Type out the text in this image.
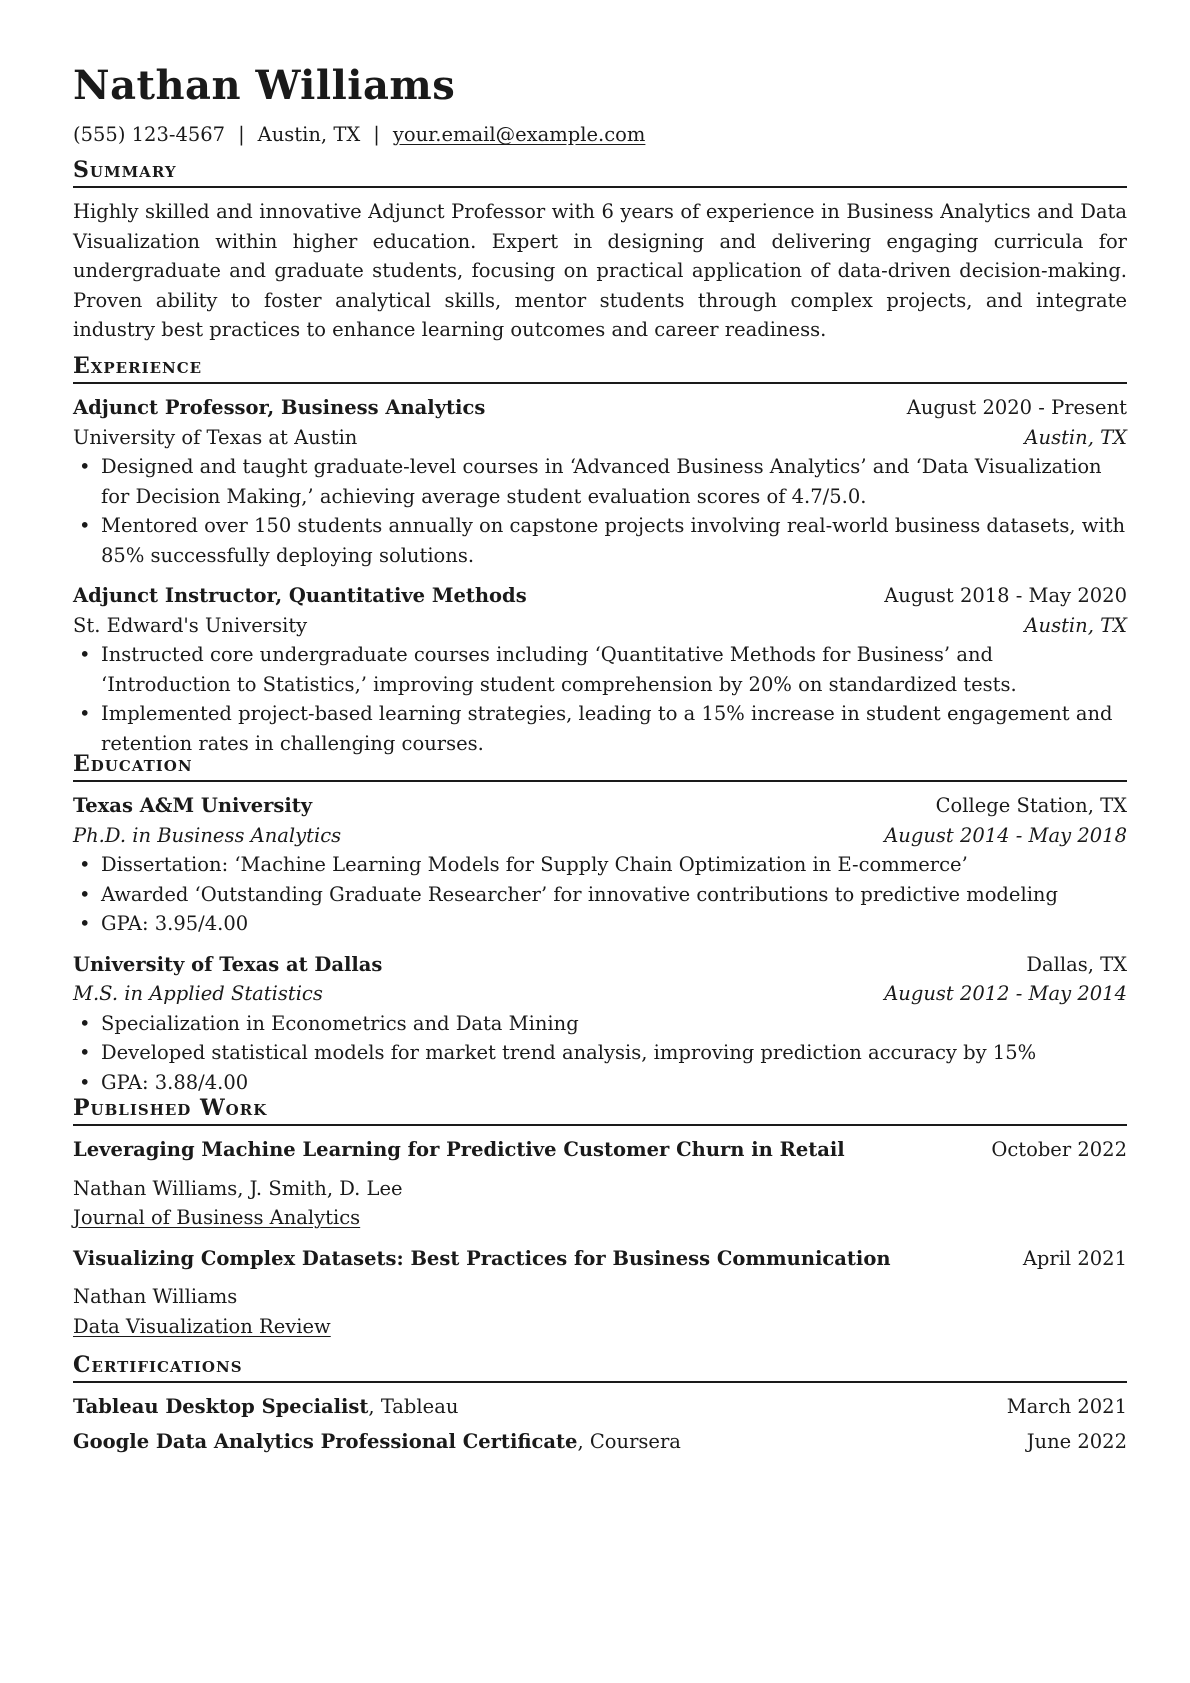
Nathan Williams
(555) 123-4567 | Austin, TX | your.email@example.com
Summary
Highly skilled and innovative Adjunct Professor with 6 years of experience in Business Analytics and Data Visualization within higher education. Expert in designing and delivering engaging curricula for undergraduate and graduate students, focusing on practical application of data-driven decision-making. Proven ability to foster analytical skills, mentor students through complex projects, and integrate industry best practices to enhance learning outcomes and career readiness.
Experience
Adjunct Professor, Business Analytics	August 2020 - Present
University of Texas at Austin	Austin, TX
• Designed and taught graduate-level courses in ‘Advanced Business Analytics’ and ‘Data Visualization for Decision Making,’ achieving average student evaluation scores of 4.7/5.0.
• Mentored over 150 students annually on capstone projects involving real-world business datasets, with 85% successfully deploying solutions.
Adjunct Instructor, Quantitative Methods	August 2018 - May 2020
St. Edward's University	Austin, TX
• Instructed core undergraduate courses including ‘Quantitative Methods for Business’ and ‘Introduction to Statistics,’ improving student comprehension by 20% on standardized tests.
• Implemented project-based learning strategies, leading to a 15% increase in student engagement and retention rates in challenging courses.
Education
Texas A&M University	College Station, TX
Ph.D. in Business Analytics	August 2014 - May 2018
• Dissertation: ‘Machine Learning Models for Supply Chain Optimization in E-commerce’
• Awarded ‘Outstanding Graduate Researcher’ for innovative contributions to predictive modeling
• GPA: 3.95/4.00
University of Texas at Dallas	Dallas, TX
M.S. in Applied Statistics	August 2012 - May 2014
• Specialization in Econometrics and Data Mining
• Developed statistical models for market trend analysis, improving prediction accuracy by 15%
• GPA: 3.88/4.00
Published Work
Leveraging Machine Learning for Predictive Customer Churn in Retail	October 2022
Nathan Williams, J. Smith, D. Lee
Journal of Business Analytics
Visualizing Complex Datasets: Best Practices for Business Communication	April 2021
Nathan Williams
Data Visualization Review
Certifications
Tableau Desktop Specialist, Tableau	March 2021
Google Data Analytics Professional Certificate, Coursera	June 2022
